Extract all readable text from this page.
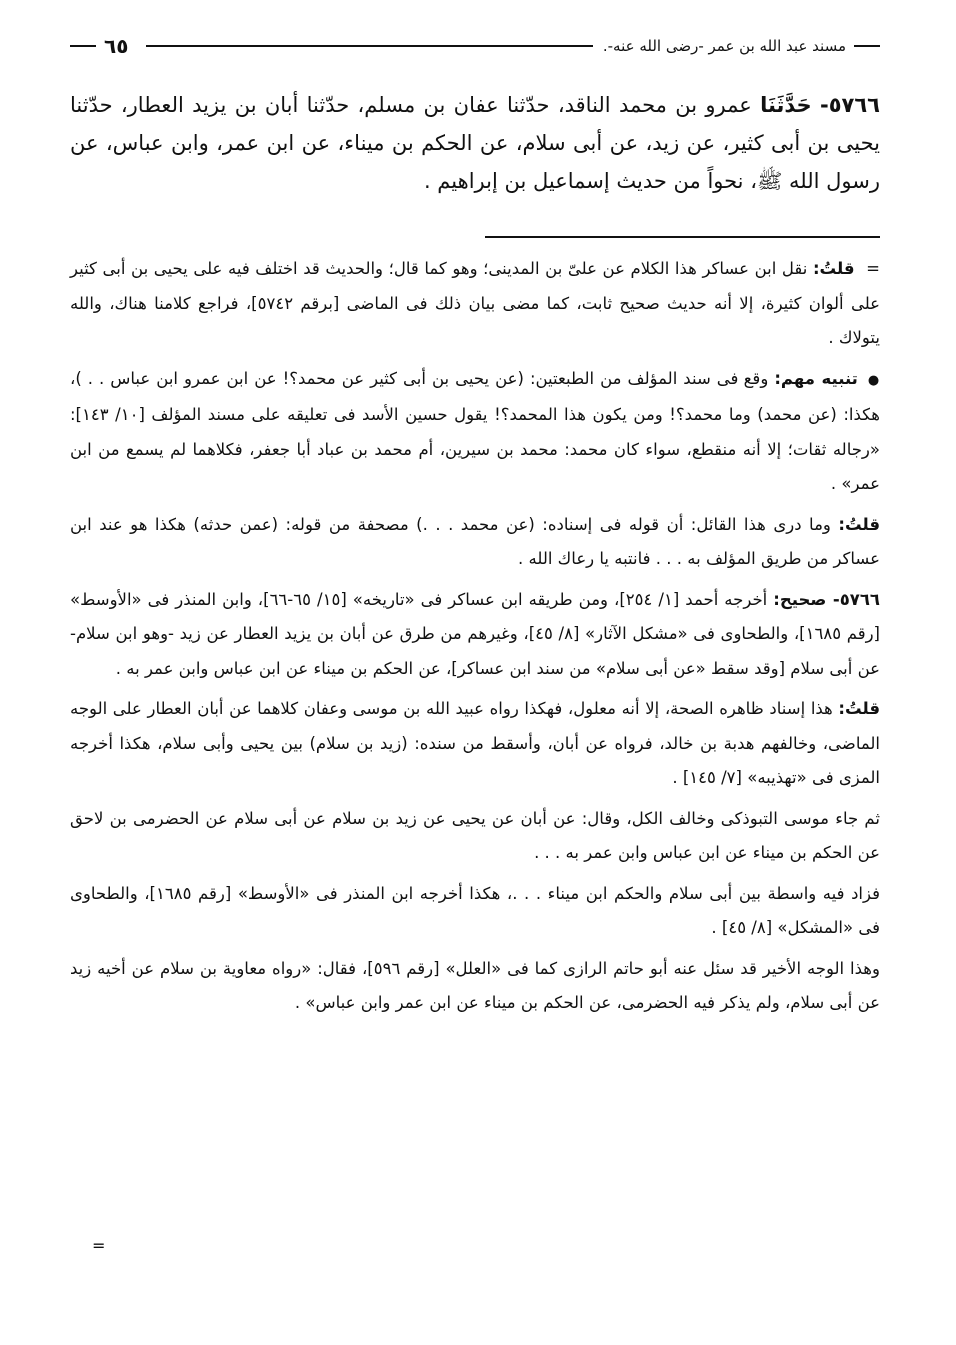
مسند عبد الله بن عمر -رضى الله عنه-.
٦٥
٥٧٦٦- حَدَّثَنَا عمرو بن محمد الناقد، حدّثنا عفان بن مسلم، حدّثنا أبان بن يزيد العطار، حدّثنا يحيى بن أبى كثير، عن زيد، عن أبى سلام، عن الحكم بن ميناء، عن ابن عمر، وابن عباس، عن رسول الله ﷺ، نحواً من حديث إسماعيل بن إبراهيم .

= قلتُ: نقل ابن عساكر هذا الكلام عن علىّ بن المدينى؛ وهو كما قال؛ والحديث قد اختلف فيه على يحيى بن أبى كثير على ألوان كثيرة، إلا أنه حديث صحيح ثابت، كما مضى بيان ذلك فى الماضى [برقم ٥٧٤٢]، فراجع كلامنا هناك، والله يتولاك .

● تنبيه مهم: وقع فى سند المؤلف من الطبعتين: (عن يحيى بن أبى كثير عن محمد؟! عن ابن عمرو ابن عباس . . )، هكذا: (عن محمد) وما محمد؟! ومن يكون هذا المحمد؟! يقول حسين الأسد فى تعليقه على مسند المؤلف [١٠/ ١٤٣]: «رجاله ثقات؛ إلا أنه منقطع، سواء كان محمد: محمد بن سيرين، أم محمد بن عباد أبا جعفر، فكلاهما لم يسمع من ابن عمر» .

قلتُ: وما درى هذا القائل: أن قوله فى إسناده: (عن محمد . . .) مصحفة من قوله: (عمن حدثه) هكذا هو عند ابن عساكر من طريق المؤلف به . . . فانتبه يا رعاك الله .

٥٧٦٦- صحيح: أخرجه أحمد [١/ ٢٥٤]، ومن طريقه ابن عساكر فى «تاريخه» [١٥/ ٦٥-٦٦]، وابن المنذر فى «الأوسط» [رقم ١٦٨٥]، والطحاوى فى «مشكل الآثار» [٨/ ٤٥]، وغيرهم من طرق عن أبان بن يزيد العطار عن زيد -وهو ابن سلام- عن أبى سلام [وقد سقط «عن أبى سلام» من سند ابن عساكر]، عن الحكم بن ميناء عن ابن عباس وابن عمر به .

قلتُ: هذا إسناد ظاهره الصحة، إلا أنه معلول، فهكذا رواه عبيد الله بن موسى وعفان كلاهما عن أبان العطار على الوجه الماضى، وخالفهم هدبة بن خالد، فرواه عن أبان، وأسقط من سنده: (زيد بن سلام) بين يحيى وأبى سلام، هكذا أخرجه المزى فى «تهذيبه» [٧/ ١٤٥] .

ثم جاء موسى التبوذكى وخالف الكل، وقال: عن أبان عن يحيى عن زيد بن سلام عن أبى سلام عن الحضرمى بن لاحق عن الحكم بن ميناء عن ابن عباس وابن عمر به . . .

فزاد فيه واسطة بين أبى سلام والحكم ابن ميناء . . .، هكذا أخرجه ابن المنذر فى «الأوسط» [رقم ١٦٨٥]، والطحاوى فى «المشكل» [٨/ ٤٥] .

وهذا الوجه الأخير قد سئل عنه أبو حاتم الرازى كما فى «العلل» [رقم ٥٩٦]، فقال: «رواه معاوية بن سلام عن أخيه زيد عن أبى سلام، ولم يذكر فيه الحضرمى، عن الحكم بن ميناء عن ابن عمر وابن عباس» .

=
